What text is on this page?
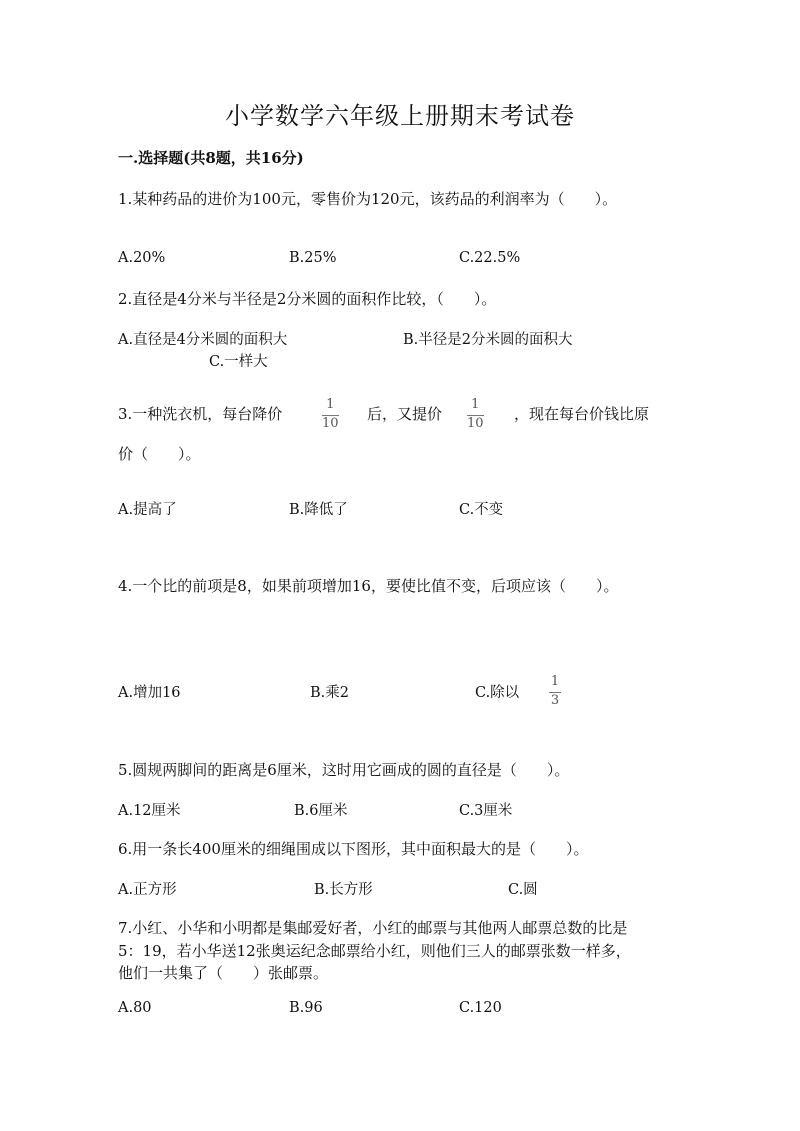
小学数学六年级上册期末考试卷
一.选择题(共8题，共16分)
1.某种药品的进价为100元，零售价为120元，该药品的利润率为（　　）。
A.20%	B.25%	C.22.5%
2.直径是4分米与半径是2分米圆的面积作比较，（　　）。
A.直径是4分米圆的面积大	B.半径是2分米圆的面积大
C.一样大
3.一种洗衣机，每台降价
1
10
后，又提价
1
10
，现在每台价钱比原
价（　　）。
A.提高了	B.降低了	C.不变
4.一个比的前项是8，如果前项增加16，要使比值不变，后项应该（　　）。
A.增加16	B.乘2	C.除以
1
3
5.圆规两脚间的距离是6厘米，这时用它画成的圆的直径是（　　）。
A.12厘米	B.6厘米	C.3厘米
6.用一条长400厘米的细绳围成以下图形，其中面积最大的是（　　）。
A.正方形	B.长方形	C.圆
7.小红、小华和小明都是集邮爱好者，小红的邮票与其他两人邮票总数的比是
5：19，若小华送12张奥运纪念邮票给小红，则他们三人的邮票张数一样多，
他们一共集了（　　）张邮票。
A.80	B.96	C.120
